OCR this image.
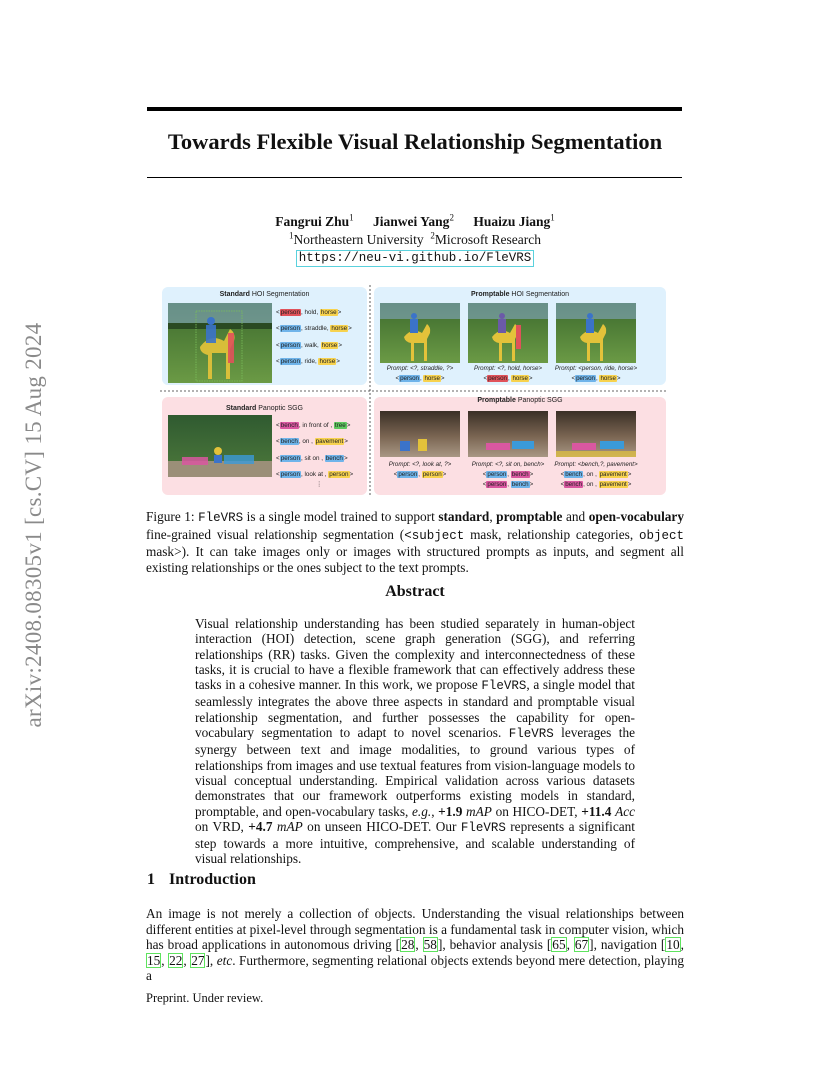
arXiv:2408.08305v1 [cs.CV] 15 Aug 2024
Towards Flexible Visual Relationship Segmentation
Fangrui Zhu$^1$ Jianwei Yang$^2$ Huaizu Jiang$^1$
$^1$Northeastern University $^2$Microsoft Research
https://neu-vi.github.io/FleVRS
Standard HOI Segmentation	Promptable HOI Segmentation
Standard Panoptic SGG
Promptable Panoptic SGG
<person, hold, horse>
<person, straddle, horse>
<person, walk, horse>
<person, ride, horse>
Prompt: <?, straddle, ?>
<person, horse>
Prompt: <?, hold, horse>
<person, horse>
Prompt: <person, ride, horse>
<person, horse>
<bench, in front of , tree>
<bench, on , pavement>
<person, sit on , bench>
<person, look at , person>
⋮
Prompt: <?, look at, ?>
<person, person>
Prompt: <?, sit on, bench>
<person, bench>
<person, bench>
Prompt: <bench,?, pavement>
<bench, on , pavement>
<bench, on , pavement>
Figure 1: FleVRS is a single model trained to support standard, promptable and open-vocabulary fine-grained visual relationship segmentation (<subject mask, relationship categories, object mask>). It can take images only or images with structured prompts as inputs, and segment all existing relationships or the ones subject to the text prompts.
Abstract

Visual relationship understanding has been studied separately in human-object interaction (HOI) detection, scene graph generation (SGG), and referring relationships (RR) tasks. Given the complexity and interconnectedness of these tasks, it is crucial to have a flexible framework that can effectively address these tasks in a cohesive manner. In this work, we propose FleVRS, a single model that seamlessly integrates the above three aspects in standard and promptable visual relationship segmentation, and further possesses the capability for open-vocabulary segmentation to adapt to novel scenarios. FleVRS leverages the synergy between text and image modalities, to ground various types of relationships from images and use textual features from vision-language models to visual conceptual understanding. Empirical validation across various datasets demonstrates that our framework outperforms existing models in standard, promptable, and open-vocabulary tasks, e.g., +1.9 mAP on HICO-DET, +11.4 Acc on VRD, +4.7 mAP on unseen HICO-DET. Our FleVRS represents a significant step towards a more intuitive, comprehensive, and scalable understanding of visual relationships.

1 Introduction
An image is not merely a collection of objects. Understanding the visual relationships between different entities at pixel-level through segmentation is a fundamental task in computer vision, which has broad applications in autonomous driving [28, 58], behavior analysis [65, 67], navigation [10, 15, 22, 27], etc. Furthermore, segmenting relational objects extends beyond mere detection, playing a
Preprint. Under review.
